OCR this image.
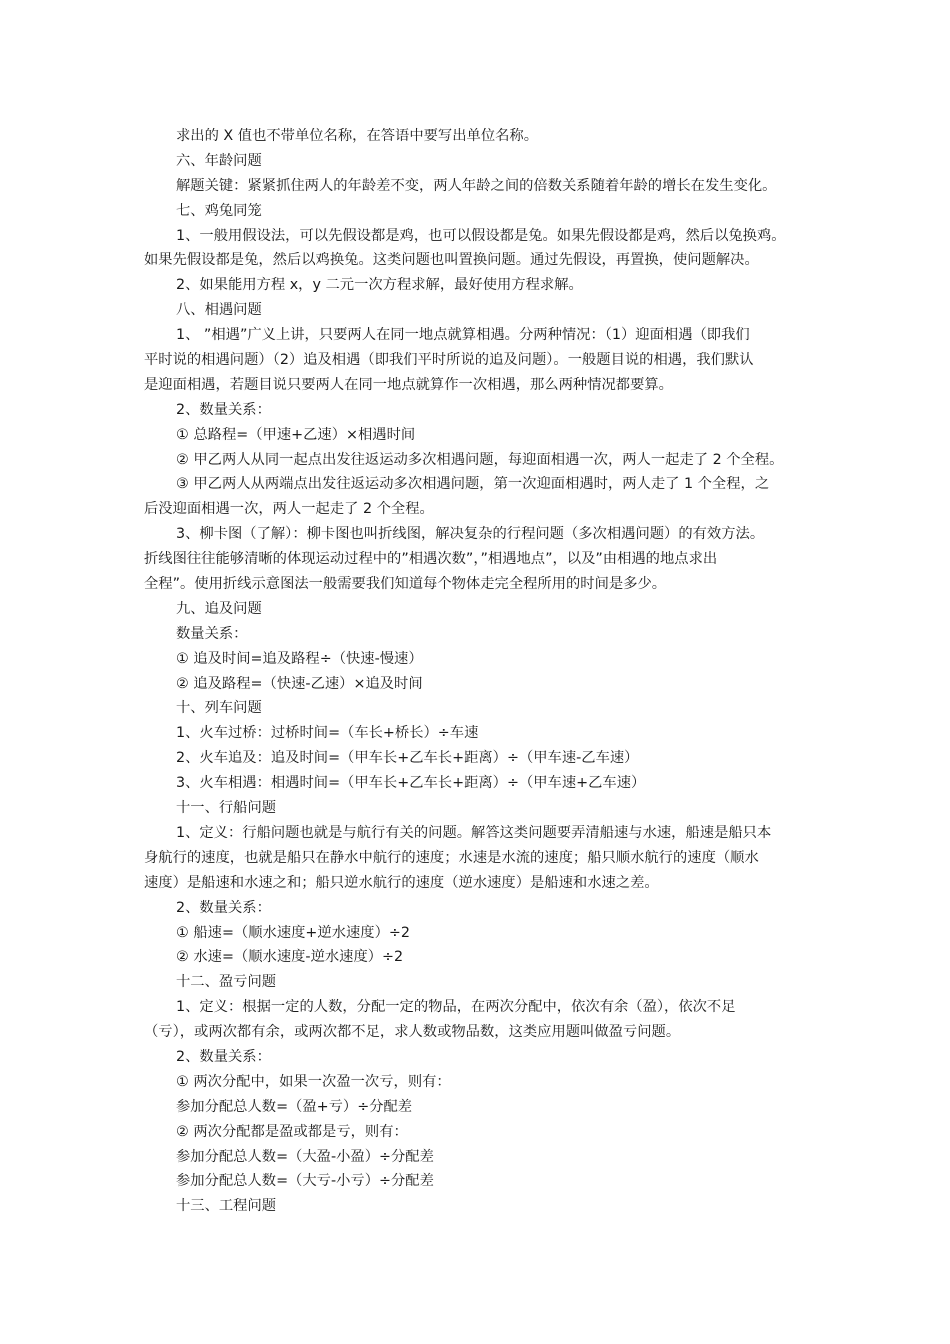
求出的 X 值也不带单位名称，在答语中要写出单位名称。
六、年龄问题
解题关键：紧紧抓住两人的年龄差不变，两人年龄之间的倍数关系随着年龄的增长在发生变化。
七、鸡兔同笼
1、一般用假设法，可以先假设都是鸡，也可以假设都是兔。如果先假设都是鸡，然后以兔换鸡。
如果先假设都是兔，然后以鸡换兔。这类问题也叫置换问题。通过先假设，再置换，使问题解决。
2、如果能用方程 x，y 二元一次方程求解，最好使用方程求解。
八、相遇问题
1、 ”相遇”广义上讲，只要两人在同一地点就算相遇。分两种情况：（1）迎面相遇（即我们
平时说的相遇问题）（2）追及相遇（即我们平时所说的追及问题）。一般题目说的相遇，我们默认
是迎面相遇，若题目说只要两人在同一地点就算作一次相遇，那么两种情况都要算。
2、数量关系：
① 总路程=（甲速+乙速）×相遇时间
② 甲乙两人从同一起点出发往返运动多次相遇问题，每迎面相遇一次，两人一起走了 2 个全程。
③ 甲乙两人从两端点出发往返运动多次相遇问题，第一次迎面相遇时，两人走了 1 个全程，之
后没迎面相遇一次，两人一起走了 2 个全程。
3、柳卡图（了解）：柳卡图也叫折线图，解决复杂的行程问题（多次相遇问题）的有效方法。
折线图往往能够清晰的体现运动过程中的”相遇次数”，”相遇地点”，以及”由相遇的地点求出
全程”。使用折线示意图法一般需要我们知道每个物体走完全程所用的时间是多少。
九、追及问题
数量关系：
① 追及时间=追及路程÷（快速-慢速）
② 追及路程=（快速-乙速）×追及时间
十、列车问题
1、火车过桥：过桥时间=（车长+桥长）÷车速
2、火车追及：追及时间=（甲车长+乙车长+距离）÷（甲车速-乙车速）
3、火车相遇：相遇时间=（甲车长+乙车长+距离）÷（甲车速+乙车速）
十一、行船问题
1、定义：行船问题也就是与航行有关的问题。解答这类问题要弄清船速与水速，船速是船只本
身航行的速度，也就是船只在静水中航行的速度；水速是水流的速度；船只顺水航行的速度（顺水
速度）是船速和水速之和；船只逆水航行的速度（逆水速度）是船速和水速之差。
2、数量关系：
① 船速=（顺水速度+逆水速度）÷2
② 水速=（顺水速度-逆水速度）÷2
十二、盈亏问题
1、定义：根据一定的人数，分配一定的物品，在两次分配中，依次有余（盈），依次不足
（亏），或两次都有余，或两次都不足，求人数或物品数，这类应用题叫做盈亏问题。
2、数量关系：
① 两次分配中，如果一次盈一次亏，则有：
参加分配总人数=（盈+亏）÷分配差
② 两次分配都是盈或都是亏，则有：
参加分配总人数=（大盈-小盈）÷分配差
参加分配总人数=（大亏-小亏）÷分配差
十三、工程问题
